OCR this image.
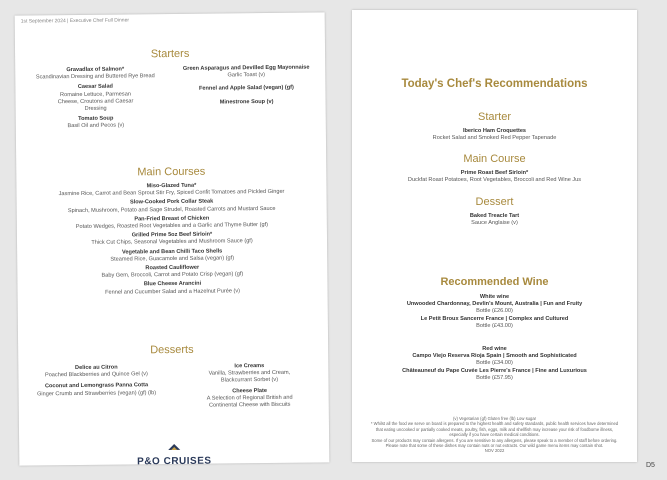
1st September 2024 | Executive Chef Full Dinner
Starters
Gravadlax of Salmon*
Scandinavian Dressing and Buttered Rye Bread
Caesar Salad
Romaine Lettuce, Parmesan Cheese, Croutons and Caesar Dressing
Tomato Soup
Basil Oil and Pecos (v)
Green Asparagus and Devilled Egg Mayonnaise
Garlic Toast (v)
Fennel and Apple Salad (vegan) (gf)
Minestrone Soup (v)
Main Courses
Miso-Glazed Tuna*
Jasmine Rice, Carrot and Bean Sprout Stir Fry, Spiced Confit Tomatoes and Pickled Ginger
Slow-Cooked Pork Collar Steak
Spinach, Mushroom, Potato and Sage Strudel, Roasted Carrots and Mustard Sauce
Pan-Fried Breast of Chicken
Potato Wedges, Roasted Root Vegetables and a Garlic and Thyme Butter (gf)
Grilled Prime 5oz Beef Sirloin*
Thick Cut Chips, Seasonal Vegetables and Mushroom Sauce (gf)
Vegetable and Bean Chilli Taco Shells
Steamed Rice, Guacamole and Salsa (vegan) (gf)
Roasted Cauliflower
Baby Gem, Broccoli, Carrot and Potato Crisp (vegan) (gf)
Blue Cheese Arancini
Fennel and Cucumber Salad and a Hazelnut Purée (v)
Desserts
Delice au Citron
Poached Blackberries and Quince Gel (v)
Coconut and Lemongrass Panna Cotta
Ginger Crumb and Strawberries (vegan) (gf) (lb)
Ice Creams
Vanilla, Strawberries and Cream, Blackcurrant Sorbet (v)
Cheese Plate
A Selection of Regional British and Continental Cheese with Biscuits
P&O CRUISES
Today's Chef's Recommendations
Starter
Iberico Ham Croquettes
Rocket Salad and Smoked Red Pepper Tapenade
Main Course
Prime Roast Beef Sirloin*
Duckfat Roast Potatoes, Root Vegetables, Broccoli and Red Wine Jus
Dessert
Baked Treacle Tart
Sauce Anglaise (v)
Recommended Wine
White wine
Unwooded Chardonnay, Devlin's Mount, Australia | Fun and Fruity
Bottle (£26.00)
Le Petit Broux Sancerre France | Complex and Cultured
Bottle (£43.00)
Red wine
Campo Viejo Reserva Rioja Spain | Smooth and Sophisticated
Bottle (£34.00)
Châteauneuf du Pape Cuvée Les Pierre's France | Fine and Luxurious
Bottle (£57.95)
(v) Vegetarian (gf) Gluten free (lb) Low sugar
* Whilst all the food we serve on board is prepared to the highest health and safety standards, public health services have determined
that eating uncooked or partially cooked meats, poultry, fish, eggs, milk and shellfish may increase your risk of foodborne illness,
especially if you have certain medical conditions.
Some of our products may contain allergens. If you are sensitive to any allergens, please speak to a member of staff before ordering.
Please note that some of these dishes may contain nuts or nut extracts. Our wild game menu items may contain shot.
NOV 2022
D5
